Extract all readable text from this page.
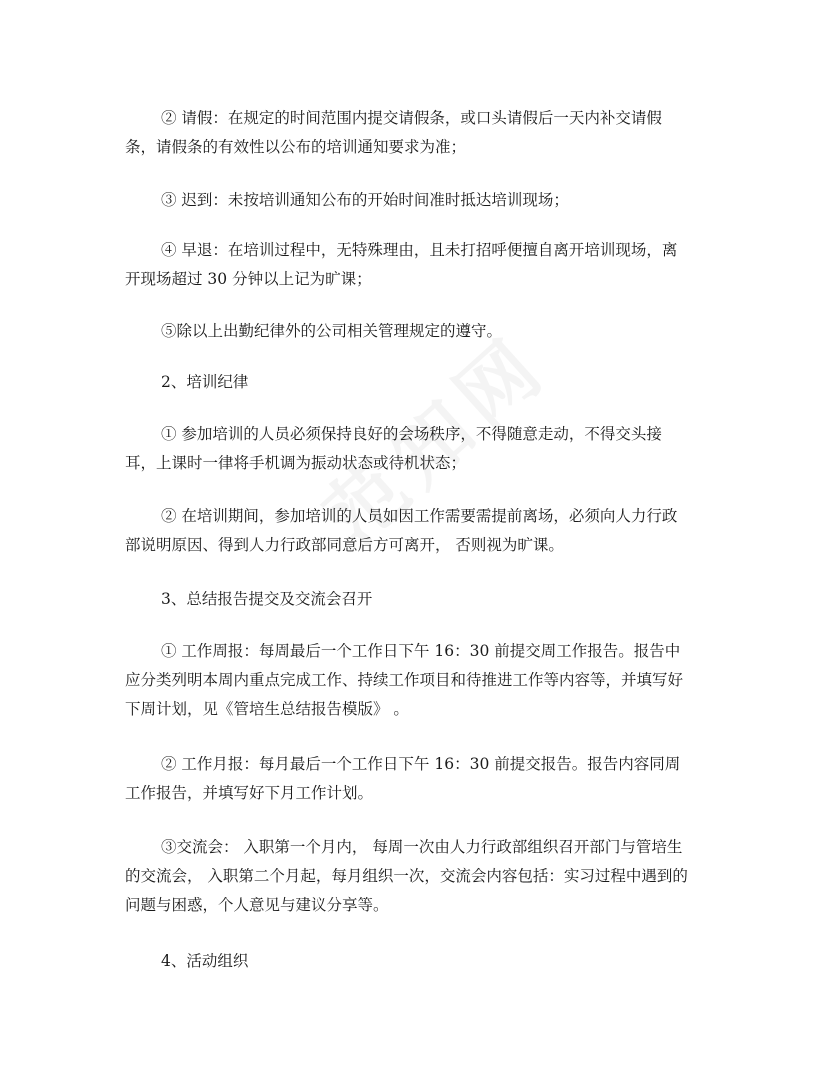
② 请假：在规定的时间范围内提交请假条，或口头请假后一天内补交请假
条，请假条的有效性以公布的培训通知要求为准；
③ 迟到：未按培训通知公布的开始时间准时抵达培训现场；
④ 早退：在培训过程中，无特殊理由，且未打招呼便擅自离开培训现场，离
开现场超过 30 分钟以上记为旷课；
⑤除以上出勤纪律外的公司相关管理规定的遵守。
2、培训纪律
① 参加培训的人员必须保持良好的会场秩序，不得随意走动，不得交头接
耳，上课时一律将手机调为振动状态或待机状态；
② 在培训期间，参加培训的人员如因工作需要需提前离场，必须向人力行政
部说明原因、得到人力行政部同意后方可离开， 否则视为旷课。
3、总结报告提交及交流会召开
① 工作周报：每周最后一个工作日下午 16：30 前提交周工作报告。报告中
应分类列明本周内重点完成工作、持续工作项目和待推进工作等内容等，并填写好
下周计划，见《管培生总结报告模版》 。
② 工作月报：每月最后一个工作日下午 16：30 前提交报告。报告内容同周
工作报告，并填写好下月工作计划。
③交流会： 入职第一个月内， 每周一次由人力行政部组织召开部门与管培生
的交流会， 入职第二个月起，每月组织一次，交流会内容包括：实习过程中遇到的
问题与困惑，个人意见与建议分享等。
4、活动组织
